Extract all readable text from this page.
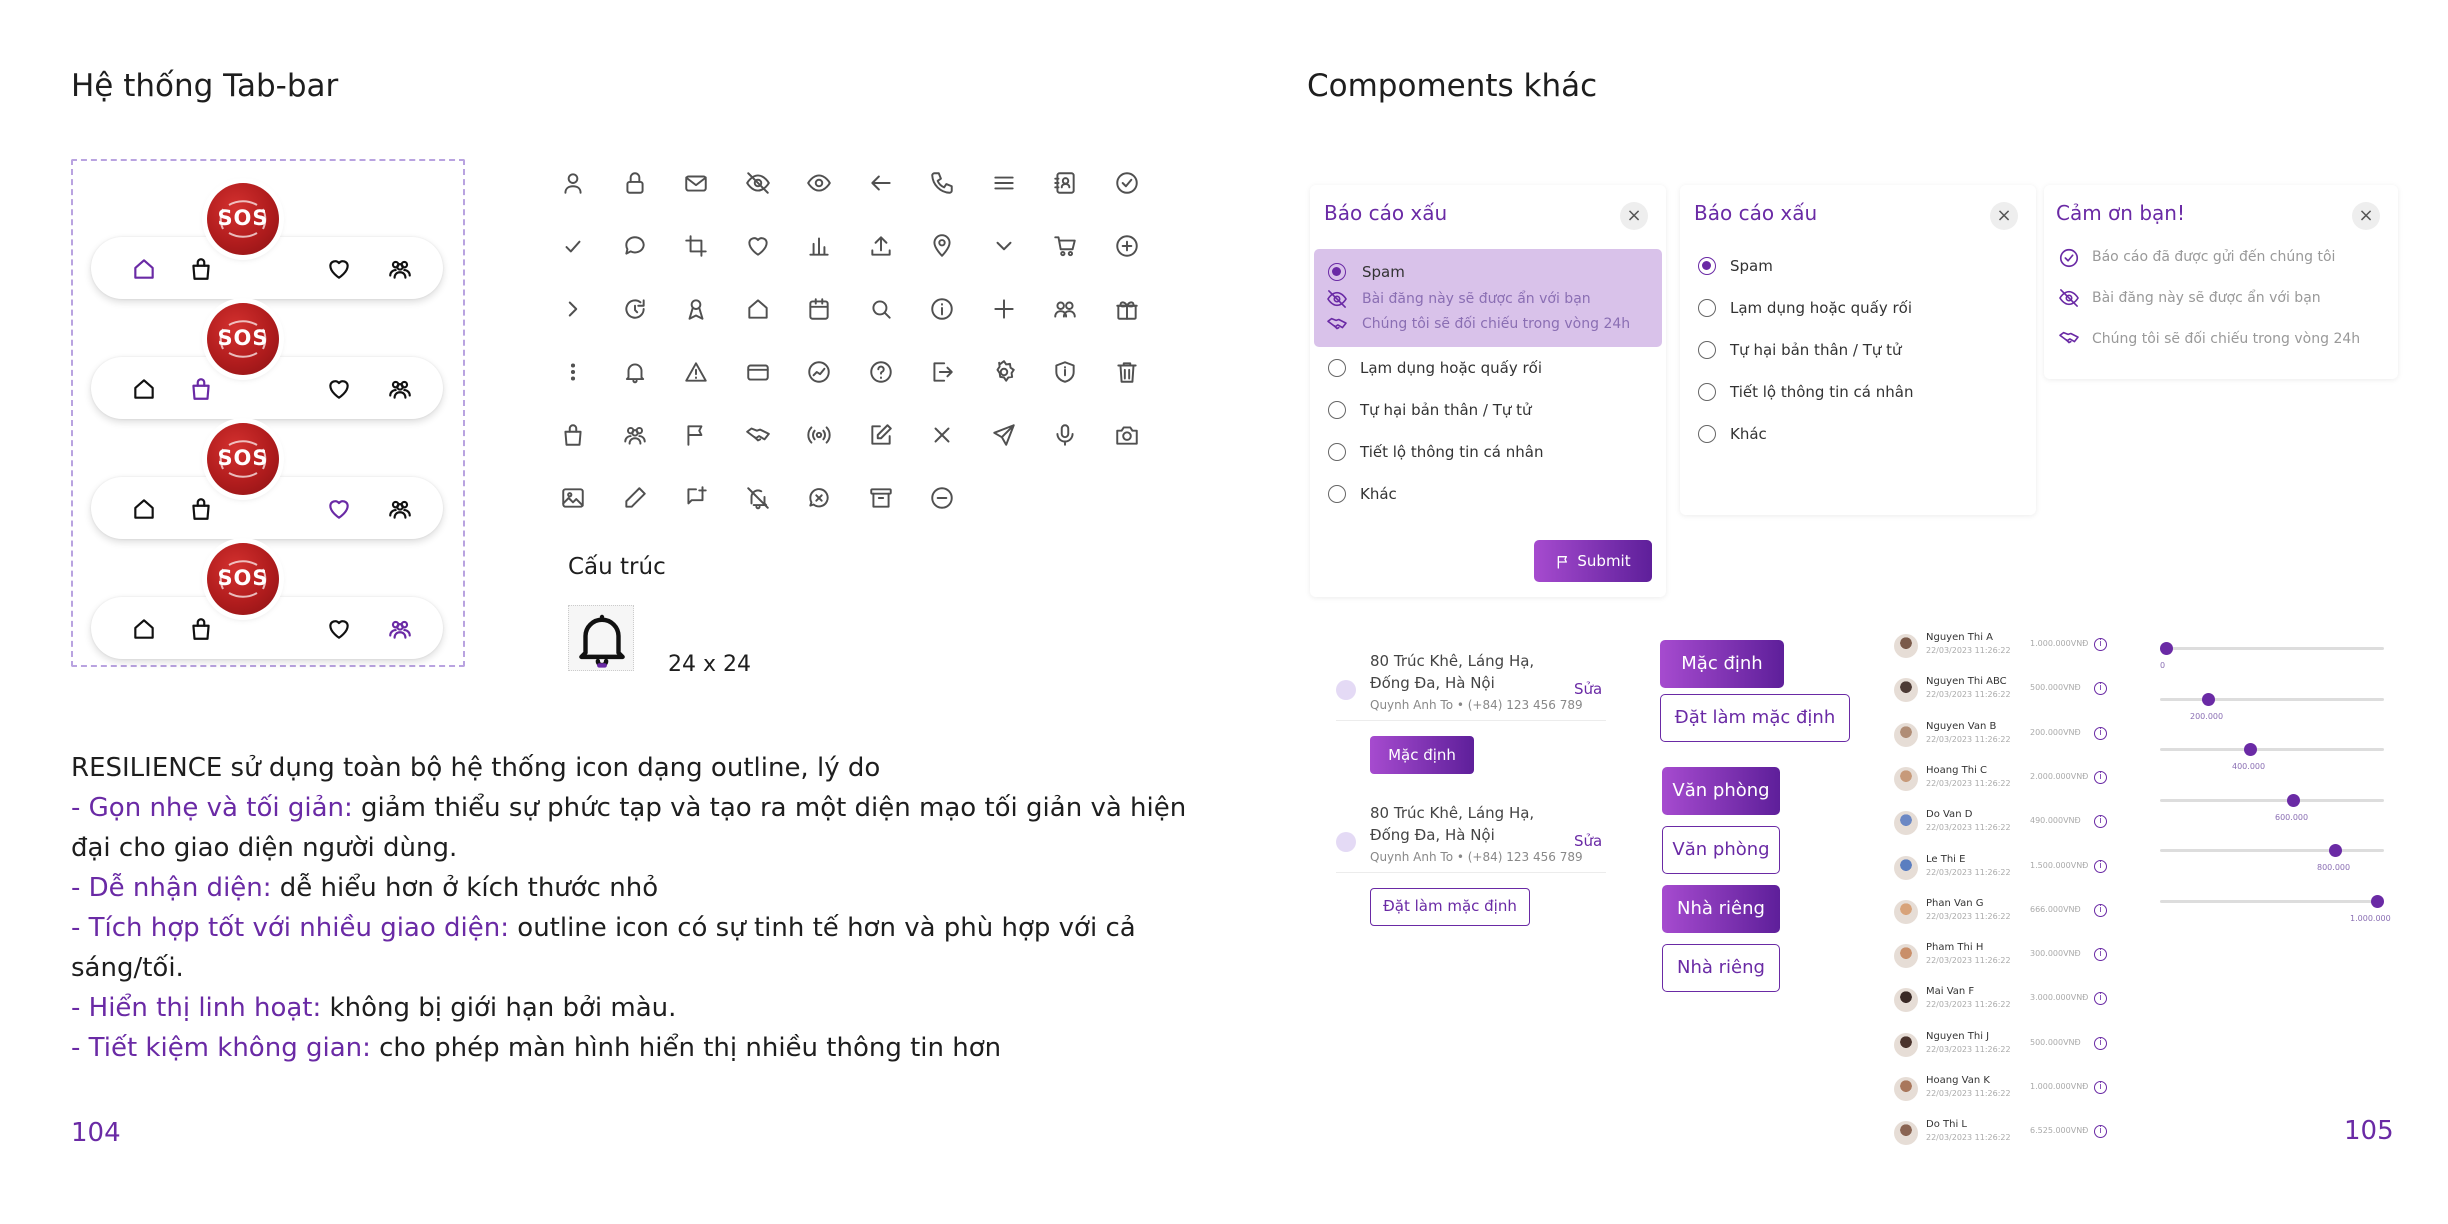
Hệ thống Tab-bar
SOS
SOS
SOS
SOS	Cấu trúc
24 x 24
RESILIENCE sử dụng toàn bộ hệ thống icon dạng outline, lý do
- Gọn nhẹ và tối giản: giảm thiểu sự phức tạp và tạo ra một diện mạo tối giản và hiện
đại cho giao diện người dùng.
- Dễ nhận diện: dễ hiểu hơn ở kích thước nhỏ
- Tích hợp tốt với nhiều giao diện: outline icon có sự tinh tế hơn và phù hợp với cả
sáng/tối.
- Hiển thị linh hoạt: không bị giới hạn bởi màu.
- Tiết kiệm không gian: cho phép màn hình hiển thị nhiều thông tin hơn
104
Compoments khác
Báo cáo xấu	×
Spam
Bài đăng này sẽ được ẩn với bạn
Chúng tôi sẽ đối chiếu trong vòng 24h
Submit
Lạm dụng hoặc quấy rối
Tự hại bản thân / Tự tử
Tiết lộ thông tin cá nhân
Khác
Báo cáo xấu	×
Spam
Lạm dụng hoặc quấy rối
Tự hại bản thân / Tự tử
Tiết lộ thông tin cá nhân
Khác
Cảm ơn bạn!	×
Báo cáo đã được gửi đến chúng tôi
Bài đăng này sẽ được ẩn với bạn
Chúng tôi sẽ đối chiếu trong vòng 24h
80 Trúc Khê, Láng Hạ,
Đống Đa, Hà Nội	Sửa
Quynh Anh To • (+84) 123 456 789
Mặc định
80 Trúc Khê, Láng Hạ,
Đống Đa, Hà Nội	Sửa
Quynh Anh To • (+84) 123 456 789
Đặt làm mặc định
Mặc định
Đặt làm mặc định
Văn phòng
Văn phòng
Nhà riêng
Nhà riêng
Nguyen Thi A
22/03/2023 11:26:22
1.000.000VNĐ	i
Nguyen Thi ABC
22/03/2023 11:26:22
500.000VNĐ	i
Nguyen Van B
22/03/2023 11:26:22
200.000VNĐ	i
Hoang Thi C
22/03/2023 11:26:22
2.000.000VNĐ	i
Do Van D
22/03/2023 11:26:22
490.000VNĐ	i
Le Thi E
22/03/2023 11:26:22
1.500.000VNĐ	i
Phan Van G
22/03/2023 11:26:22
666.000VNĐ	i
Pham Thi H
22/03/2023 11:26:22
300.000VNĐ	i
Mai Van F
22/03/2023 11:26:22
3.000.000VNĐ	i
Nguyen Thi J
22/03/2023 11:26:22
500.000VNĐ	i
Hoang Van K
22/03/2023 11:26:22
1.000.000VNĐ	i
Do Thi L
22/03/2023 11:26:22
6.525.000VNĐ	i
0
200.000
400.000
600.000
800.000
1.000.000
105
